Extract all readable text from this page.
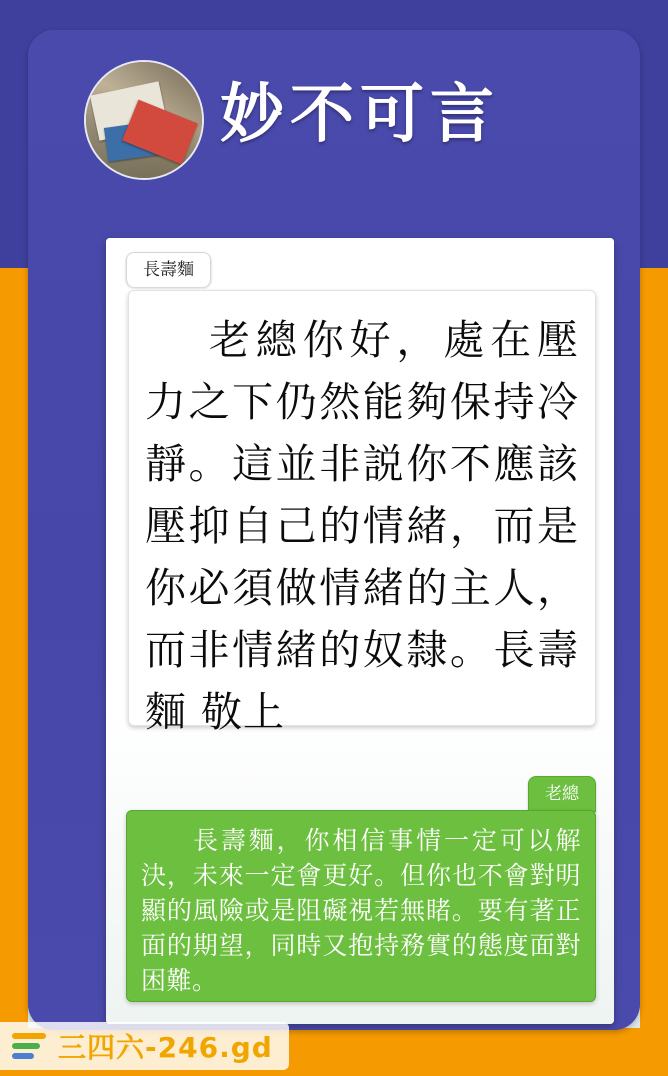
妙不可言
長壽麵
老總你好，處在壓力之下仍然能夠保持冷靜。這並非説你不應該壓抑自己的情緒，而是你必須做情緒的主人，而非情緒的奴隸。長壽麵 敬上
老總
長壽麵，你相信事情一定可以解決，未來一定會更好。但你也不會對明顯的風險或是阻礙視若無睹。要有著正面的期望，同時又抱持務實的態度面對困難。
三四六-246.gd
